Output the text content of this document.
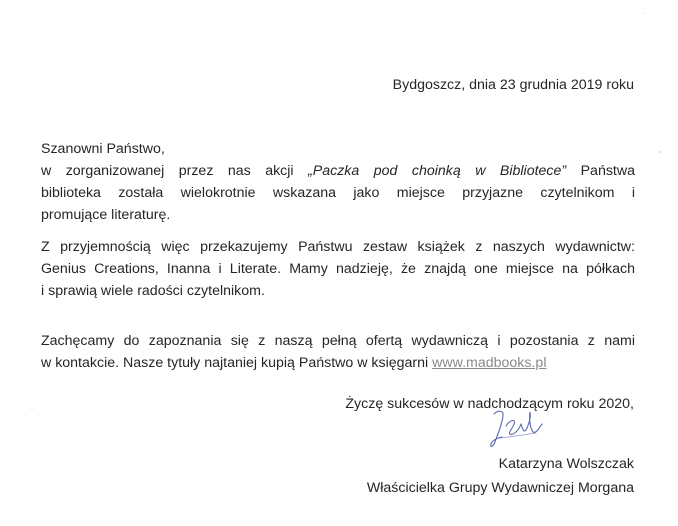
Bydgoszcz, dnia 23 grudnia 2019 roku
Szanowni Państwo,
w zorganizowanej przez nas akcji „Paczka pod choinką w Bibliotece” Państwa
biblioteka została wielokrotnie wskazana jako miejsce przyjazne czytelnikom i
promujące literaturę.
Z przyjemnością więc przekazujemy Państwu zestaw książek z naszych wydawnictw:
Genius Creations, Inanna i Literate. Mamy nadzieję, że znajdą one miejsce na półkach
i sprawią wiele radości czytelnikom.
Zachęcamy do zapoznania się z naszą pełną ofertą wydawniczą i pozostania z nami
w kontakcie. Nasze tytuły najtaniej kupią Państwo w księgarni www.madbooks.pl
Życzę sukcesów w nadchodzącym roku 2020,
Katarzyna Wolszczak
Właścicielka Grupy Wydawniczej Morgana
